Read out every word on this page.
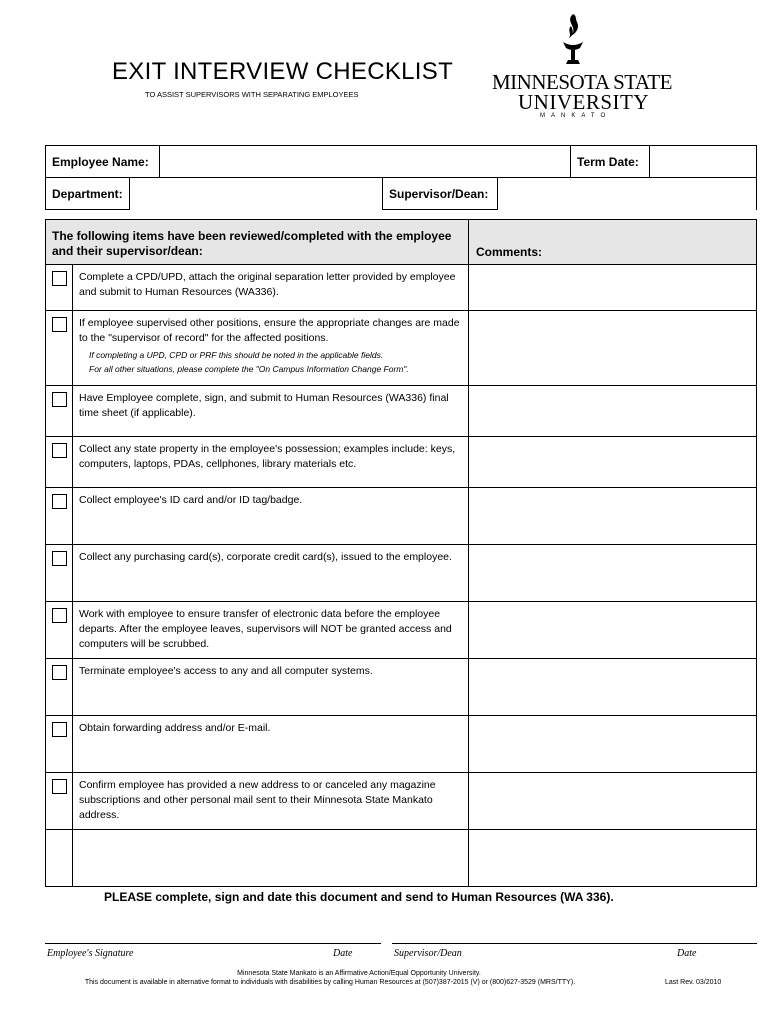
EXIT INTERVIEW CHECKLIST
TO ASSIST SUPERVISORS WITH SEPARATING EMPLOYEES
MINNESOTA STATE
UNIVERSITY
MANKATO
Employee Name:	Term Date:
Department:	Supervisor/Dean:
The following items have been reviewed/completed with the employee and their supervisor/dean:	Comments:
Complete a CPD/UPD, attach the original separation letter provided by employee and submit to Human Resources (WA336).
If employee supervised other positions, ensure the appropriate changes are made to the "supervisor of record" for the affected positions.
If completing a UPD, CPD or PRF this should be noted in the applicable fields.
For all other situations, please complete the "On Campus Information Change Form".
Have Employee complete, sign, and submit to Human Resources (WA336) final time sheet (if applicable).
Collect any state property in the employee's possession; examples include: keys, computers, laptops, PDAs, cellphones, library materials etc.
Collect employee's ID card and/or ID tag/badge.
Collect any purchasing card(s), corporate credit card(s), issued to the employee.
Work with employee to ensure transfer of electronic data before the employee departs. After the employee leaves, supervisors will NOT be granted access and computers will be scrubbed.
Terminate employee's access to any and all computer systems.
Obtain forwarding address and/or E-mail.
Confirm employee has provided a new address to or canceled any magazine subscriptions and other personal mail sent to their Minnesota State Mankato address.
PLEASE complete, sign and date this document and send to Human Resources (WA 336).
Employee's Signature	Date	Supervisor/Dean	Date
Minnesota State Mankato is an Affirmative Action/Equal Opportunity University.
This document is available in alternative format to individuals with disabilities by calling Human Resources at (507)387-2015 (V) or (800)627-3529 (MRS/TTY).	Last Rev. 03/2010
